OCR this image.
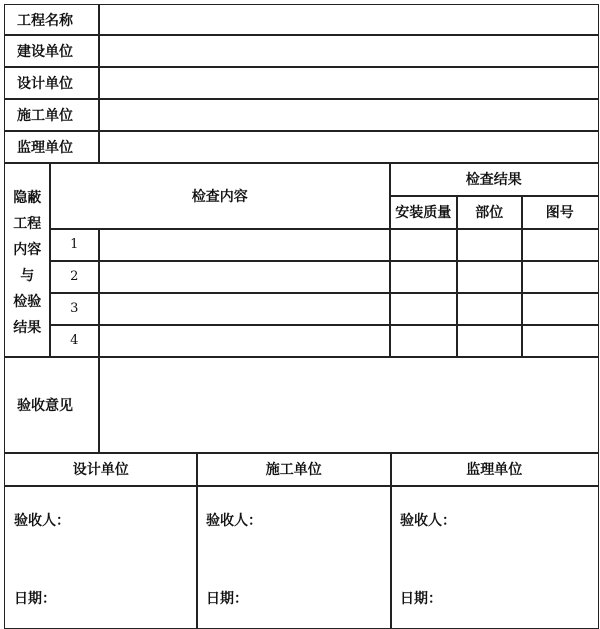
工程名称
建设单位
设计单位
施工单位
监理单位
隐蔽
工程
内容
与
检验
结果
检查内容
检查结果
安装质量	部位	图号
1
2
3
4
验收意见
设计单位
验收人：
日期：
施工单位
验收人：
日期：
监理单位
验收人：
日期：
